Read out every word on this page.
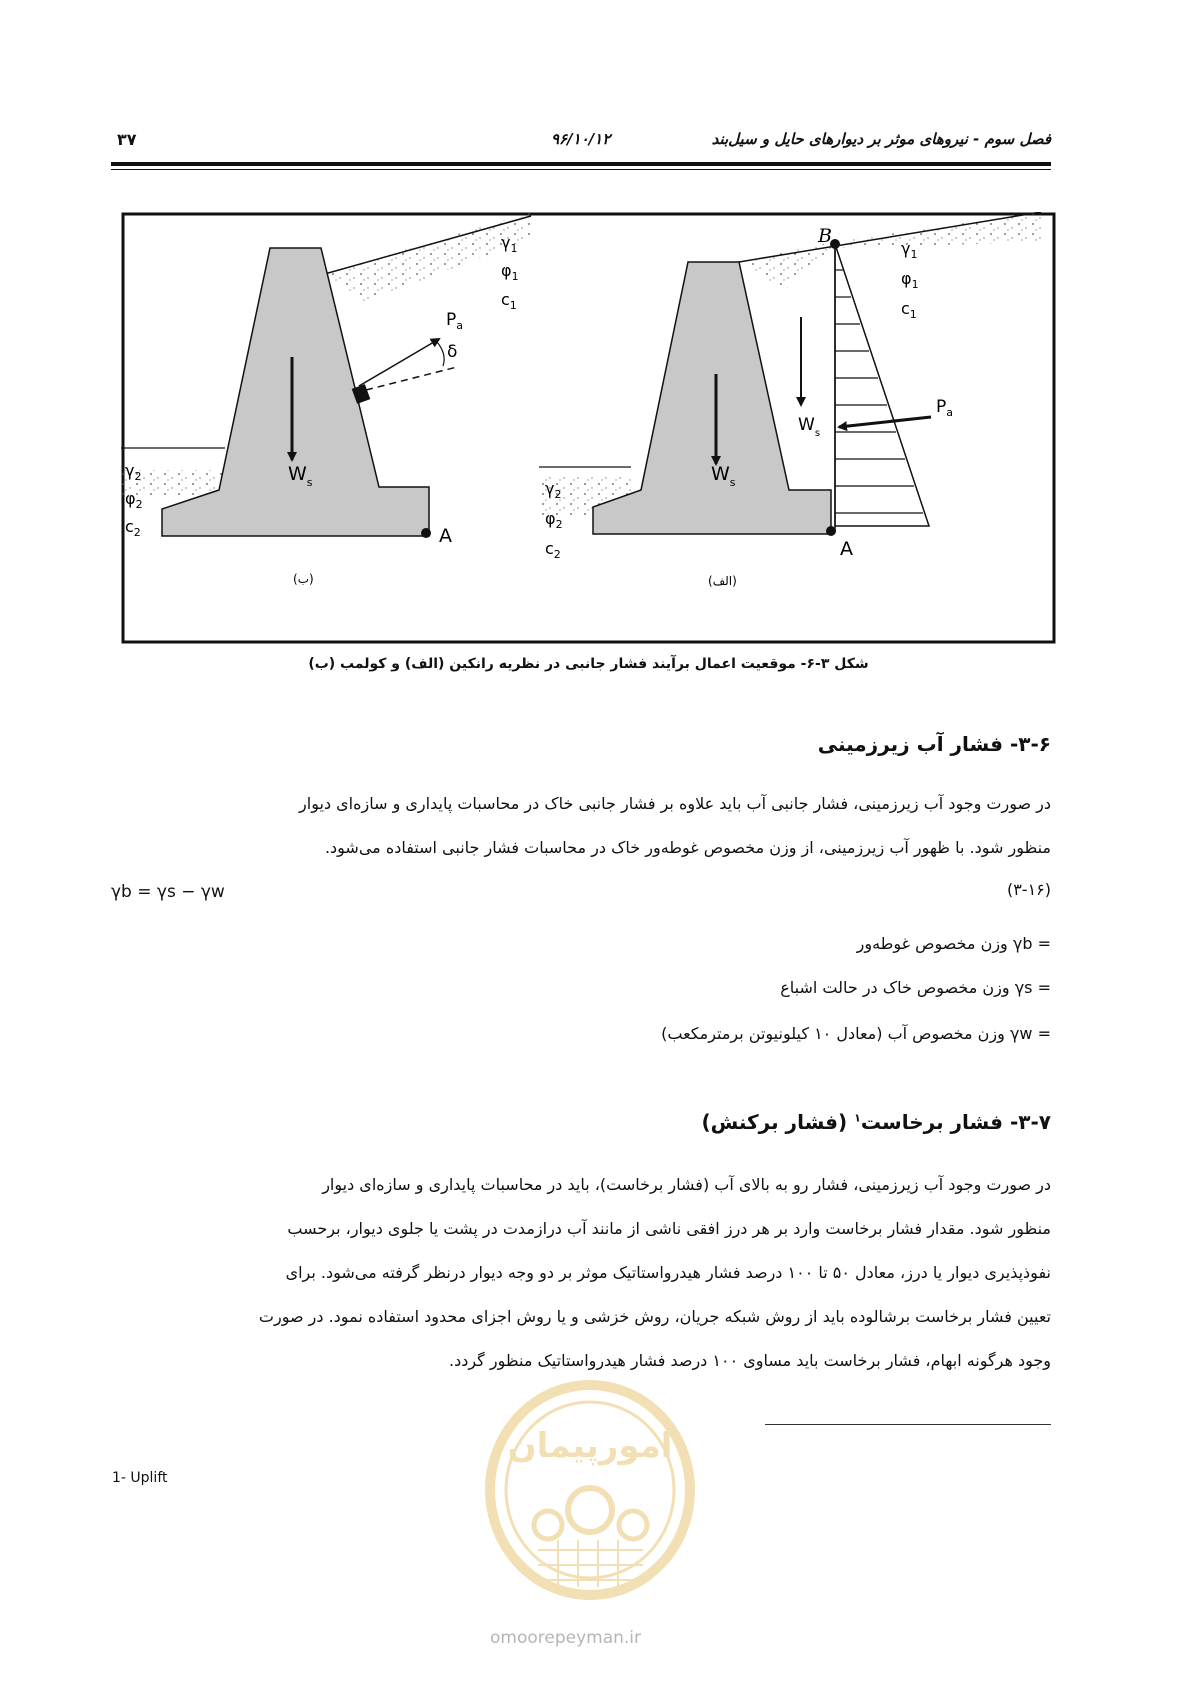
فصل سوم - نیروهای موثر بر دیوارهای حایل و سیل‌بند
۹۶/۱۰/۱۲
۳۷
$\gamma_1$
$\varphi_1$
$c_1$
$P_a$
δ
$W_s$
$\gamma_2$
$\varphi_2$
$c_2$	A
(ب)
B
$\gamma_1$
$\varphi_1$
$c_1$
$P_a$
$W_s$
$W_s$
$\gamma_2$
$\varphi_2$
$c_2$	A
(الف)
شکل ۳-۶- موقعیت اعمال برآیند فشار جانبی در نظریه رانکین (الف) و کولمب (ب)
۳-۶- فشار آب زیرزمینی
در صورت وجود آب زیرزمینی، فشار جانبی آب باید علاوه بر فشار جانبی خاک در محاسبات پایداری و سازه‌ای دیوار
منظور شود. با ظهور آب زیرزمینی، از وزن مخصوص غوطه‌ور خاک در محاسبات فشار جانبی استفاده می‌شود.
(۳-۱۶)
γb = γs − γw
= γb وزن مخصوص غوطه‌ور
= γs وزن مخصوص خاک در حالت اشباع
= γw وزن مخصوص آب (معادل ۱۰ کیلونیوتن برمترمکعب)
۳-۷- فشار برخاست$^۱$ (فشار برکنش)
در صورت وجود آب زیرزمینی، فشار رو به بالای آب (فشار برخاست)، باید در محاسبات پایداری و سازه‌ای دیوار
منظور شود. مقدار فشار برخاست وارد بر هر درز افقی ناشی از مانند آب درازمدت در پشت یا جلوی دیوار، برحسب
نفوذپذیری دیوار یا درز، معادل ۵۰ تا ۱۰۰ درصد فشار هیدرواستاتیک موثر بر دو وجه دیوار درنظر گرفته می‌شود. برای
تعیین فشار برخاست برشالوده باید از روش شبکه جریان، روش خزشی و یا روش اجزای محدود استفاده نمود. در صورت
وجود هرگونه ابهام، فشار برخاست باید مساوی ۱۰۰ درصد فشار هیدرواستاتیک منظور گردد.
1- Uplift
امورپیمان
omoorepeyman.ir
